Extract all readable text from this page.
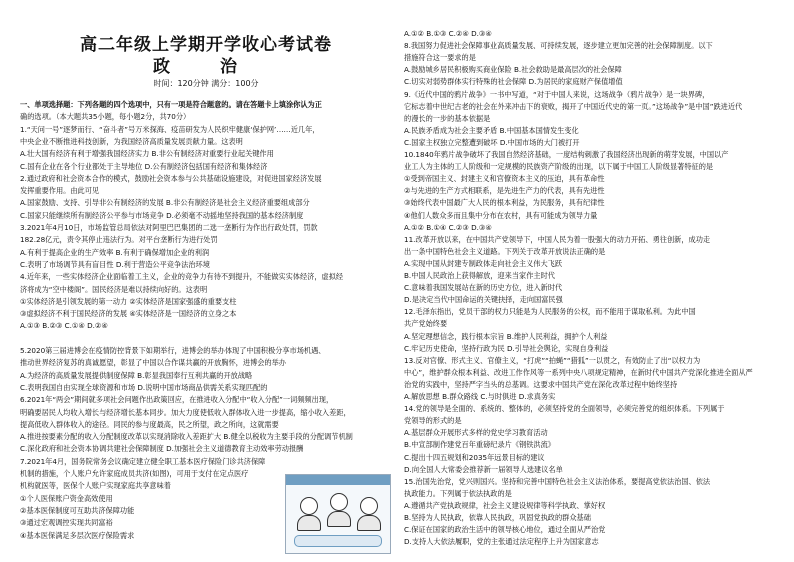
高二年级上学期开学收心考试卷
政 治
时间：120分钟 满分：100分
一、单项选择题：下列各题的四个选项中，只有一项是符合题意的。请在答题卡上填涂你认为正
确的选项。（本大题共35小题，每小题2分，共70分）
1.“天问一号”逐梦而行、“奋斗者”号万米探海、疫苗研发为人民织牢健康‘保护网’……近几年，
中央企业不断推进科技创新，为我国经济高质量发展贡献力量。这表明
A.壮大国有经济有利于增强我国经济实力 B.非公有制经济对重要行业起关键作用
C.国有企业在各个行业都处于主导地位 D.公有制经济包括国有经济和集体经济
2.通过政府和社会资本合作的模式，鼓励社会资本参与公共基础设施建设，对促进国家经济发展
发挥重要作用。由此可见
A.国家鼓励、支持、引导非公有制经济的发展 B.非公有制经济是社会主义经济重要组成部分
C.国家只能继续所有制经济公平参与市场竞争 D.必须毫不动摇地坚持我国的基本经济制度
3.2021年4月10日，市场监管总局依法对阿里巴巴集团的二选一垄断行为作出行政处罚，罚款
182.28亿元，责令其停止违法行为。对平台垄断行为进行处罚
A.有利于提高企业的生产效率 B.有利于确保增加企业的利润
C.表明了市场调节具有盲目性 D.利于营造公平竞争法治环境
4.近年来，一些实体经济企业面临着工主义，企业的竞争力有待不到提升，不能做实实体经济，虚拟经
济将成为“空中楼阁”。国民经济是难以持续向好的。这表明
①实体经济是引领发展的第一动力 ②实体经济是国家强盛的重要支柱
③虚拟经济不利于国民经济的发展 ④实体经济是一国经济的立身之本
A.①③ B.②③ C.①④ D.②④
5.2020第三届进博会在疫情防控背景下如期举行，进博会的举办体现了中国积极分享市场机遇、
推动世界经济复苏的真诚愿望，彰显了中国以合作谋共赢的开放胸怀，进博会的举办
A.为经济的高质量发展提供制度保障 B.彰显我国奉行互利共赢的开放战略
C.表明我国自由实现全球资源和市场 D.说明中国市场商品供需关系实现匹配的
6.2021年“两会”期间就多项社会问题作出政策回应，在推进收入分配中“收入分配”一词频频出现，
明确要居民人均收入增长与经济增长基本同步。加大力度使低收入群体收入进一步提高，缩小收入差距，
提高低收入群体收入的途径。同民的参与度最高，民之所望，政之所向，这就需要
A.推进按要素分配的收入分配制度改革以实现消除收入差距扩大 B.健全以税收为主要手段的分配调节机制
C.深化政府和社会资本协调共建社会保障制度 D.加强社会主义道德教育主动效率劳动报酬
7.2021年4月，国务院常务会议确定建立健全职工基本医疗保险门诊共济保障
机制的措施，个人账户允许家庭成员共济(如图)，可用于支付在定点医疗
机构就医等，医保个人账户实现家庭共享意味着
①个人医保账户资金高效使用
②基本医保制度可互助共济保障功能
③通过宏观调控实现共同富裕
④基本医保满足多层次医疗保险需求
A.①② B.①③ C.②④ D.③④
8.我国努力促进社会保障事业高质量发展、可持续发展，逐步建立更加完善的社会保障制度。以下
措施符合这一要求的是
A.鼓励城乡居民积极购买商业保险 B.社会救助是最高层次的社会保障
C.切实对弱势群体实行特殊的社会保障 D.为居民的家庭财产保值增值
9.《近代中国的鸦片战争》一书中写道，“对于中国人来说，这场战争（鸦片战争）是一块界碑，
它标志着中世纪古老的社会在外来冲击下的衰败，揭开了中国近代史的第一页。”这场战争”是中国”跌进近代
的漫长的一步的基本依据是
A.民族矛盾成为社会主要矛盾 B.中国基本国情发生变化
C.国家主权独立完整遭到破坏 D.中国市场的大门被打开
10.1840年鸦片战争破坏了我国自然经济基础，一度结构刺激了我国经济出现新的萌芽发展，中国以产
业工人为主体的工人阶级和一定规模的民族资产阶级的出现，以下属于中国工人阶级显著特征的是
①受到帝国主义、封建主义和官僚资本主义的压迫，具有革命性
②与先进的生产方式相联系，是先进生产力的代表，具有先进性
③始终代表中国最广大人民的根本利益，为民服务，具有纪律性
④他们人数众多而且集中分布在农村，具有可能成为领导力量
A.①② B.①④ C.②③ D.③④
11.改革开放以来，在中国共产党领导下，中国人民为着一股强大的动力开拓、勇往创新，成功走
出一条中国特色社会主义道路。下列关于改革开放说法正确的是
A.实现中国从封建专制政体走向社会主义伟大飞跃
B.中国人民政治上获得解放，迎来当家作主时代
C.意味着我国发展站在新的历史方位，进入新时代
D.是决定当代中国命运的关键抉择，走向国富民强
12.毛泽东指出，党员干部的权力只能是为人民服务的公权，而不能用于谋取私利。为此中国
共产党始终要
A.坚定理想信念，践行根本宗旨 B.维护人民利益，拥护个人利益
C.牢记历史使命，坚持行政为民 D.引导社会舆论，实现自身利益
13.反对官僚、形式主义、官僚主义，“打虎”“拍蝇”“猎狐”一以贯之，有效防止了出“以权力为
中心”，维护群众根本利益、改进工作作风等一系列中央八项规定精神，在新时代中国共产党深化推进全面从严
治党的实践中，坚持严字当头的总基调。这要求中国共产党在深化改革过程中始终坚持
A.解放思想 B.群众路线 C.与时俱进 D.求真务实
14.党的领导是全面的、系统的、整体的，必须坚持党的全面领导，必须完善党的组织体系。下列属于
党领导的形式的是
A.基层群众开展形式多样的党史学习教育活动
B.中宣部制作建党百年重磅纪录片《钢铁洪流》
C.提出十四五规划和2035年远景目标的建议
D.向全国人大常委会推荐新一届领导人选建议名单
15.治国先治党，党兴则国兴。坚持和完善中国特色社会主义法治体系，要提高党依法治国、依法
执政能力。下列属于依法执政的是
A.遵循共产党执政规律，社会主义建设规律等科学执政、掌好权
B.坚持为人民执政，依靠人民执政，巩固党执政的群众基础
C.保证在国家的政治生活中的领导核心地位，通过全面从严治党
D.支持人大依法履职，党的主张通过法定程序上升为国家意志
